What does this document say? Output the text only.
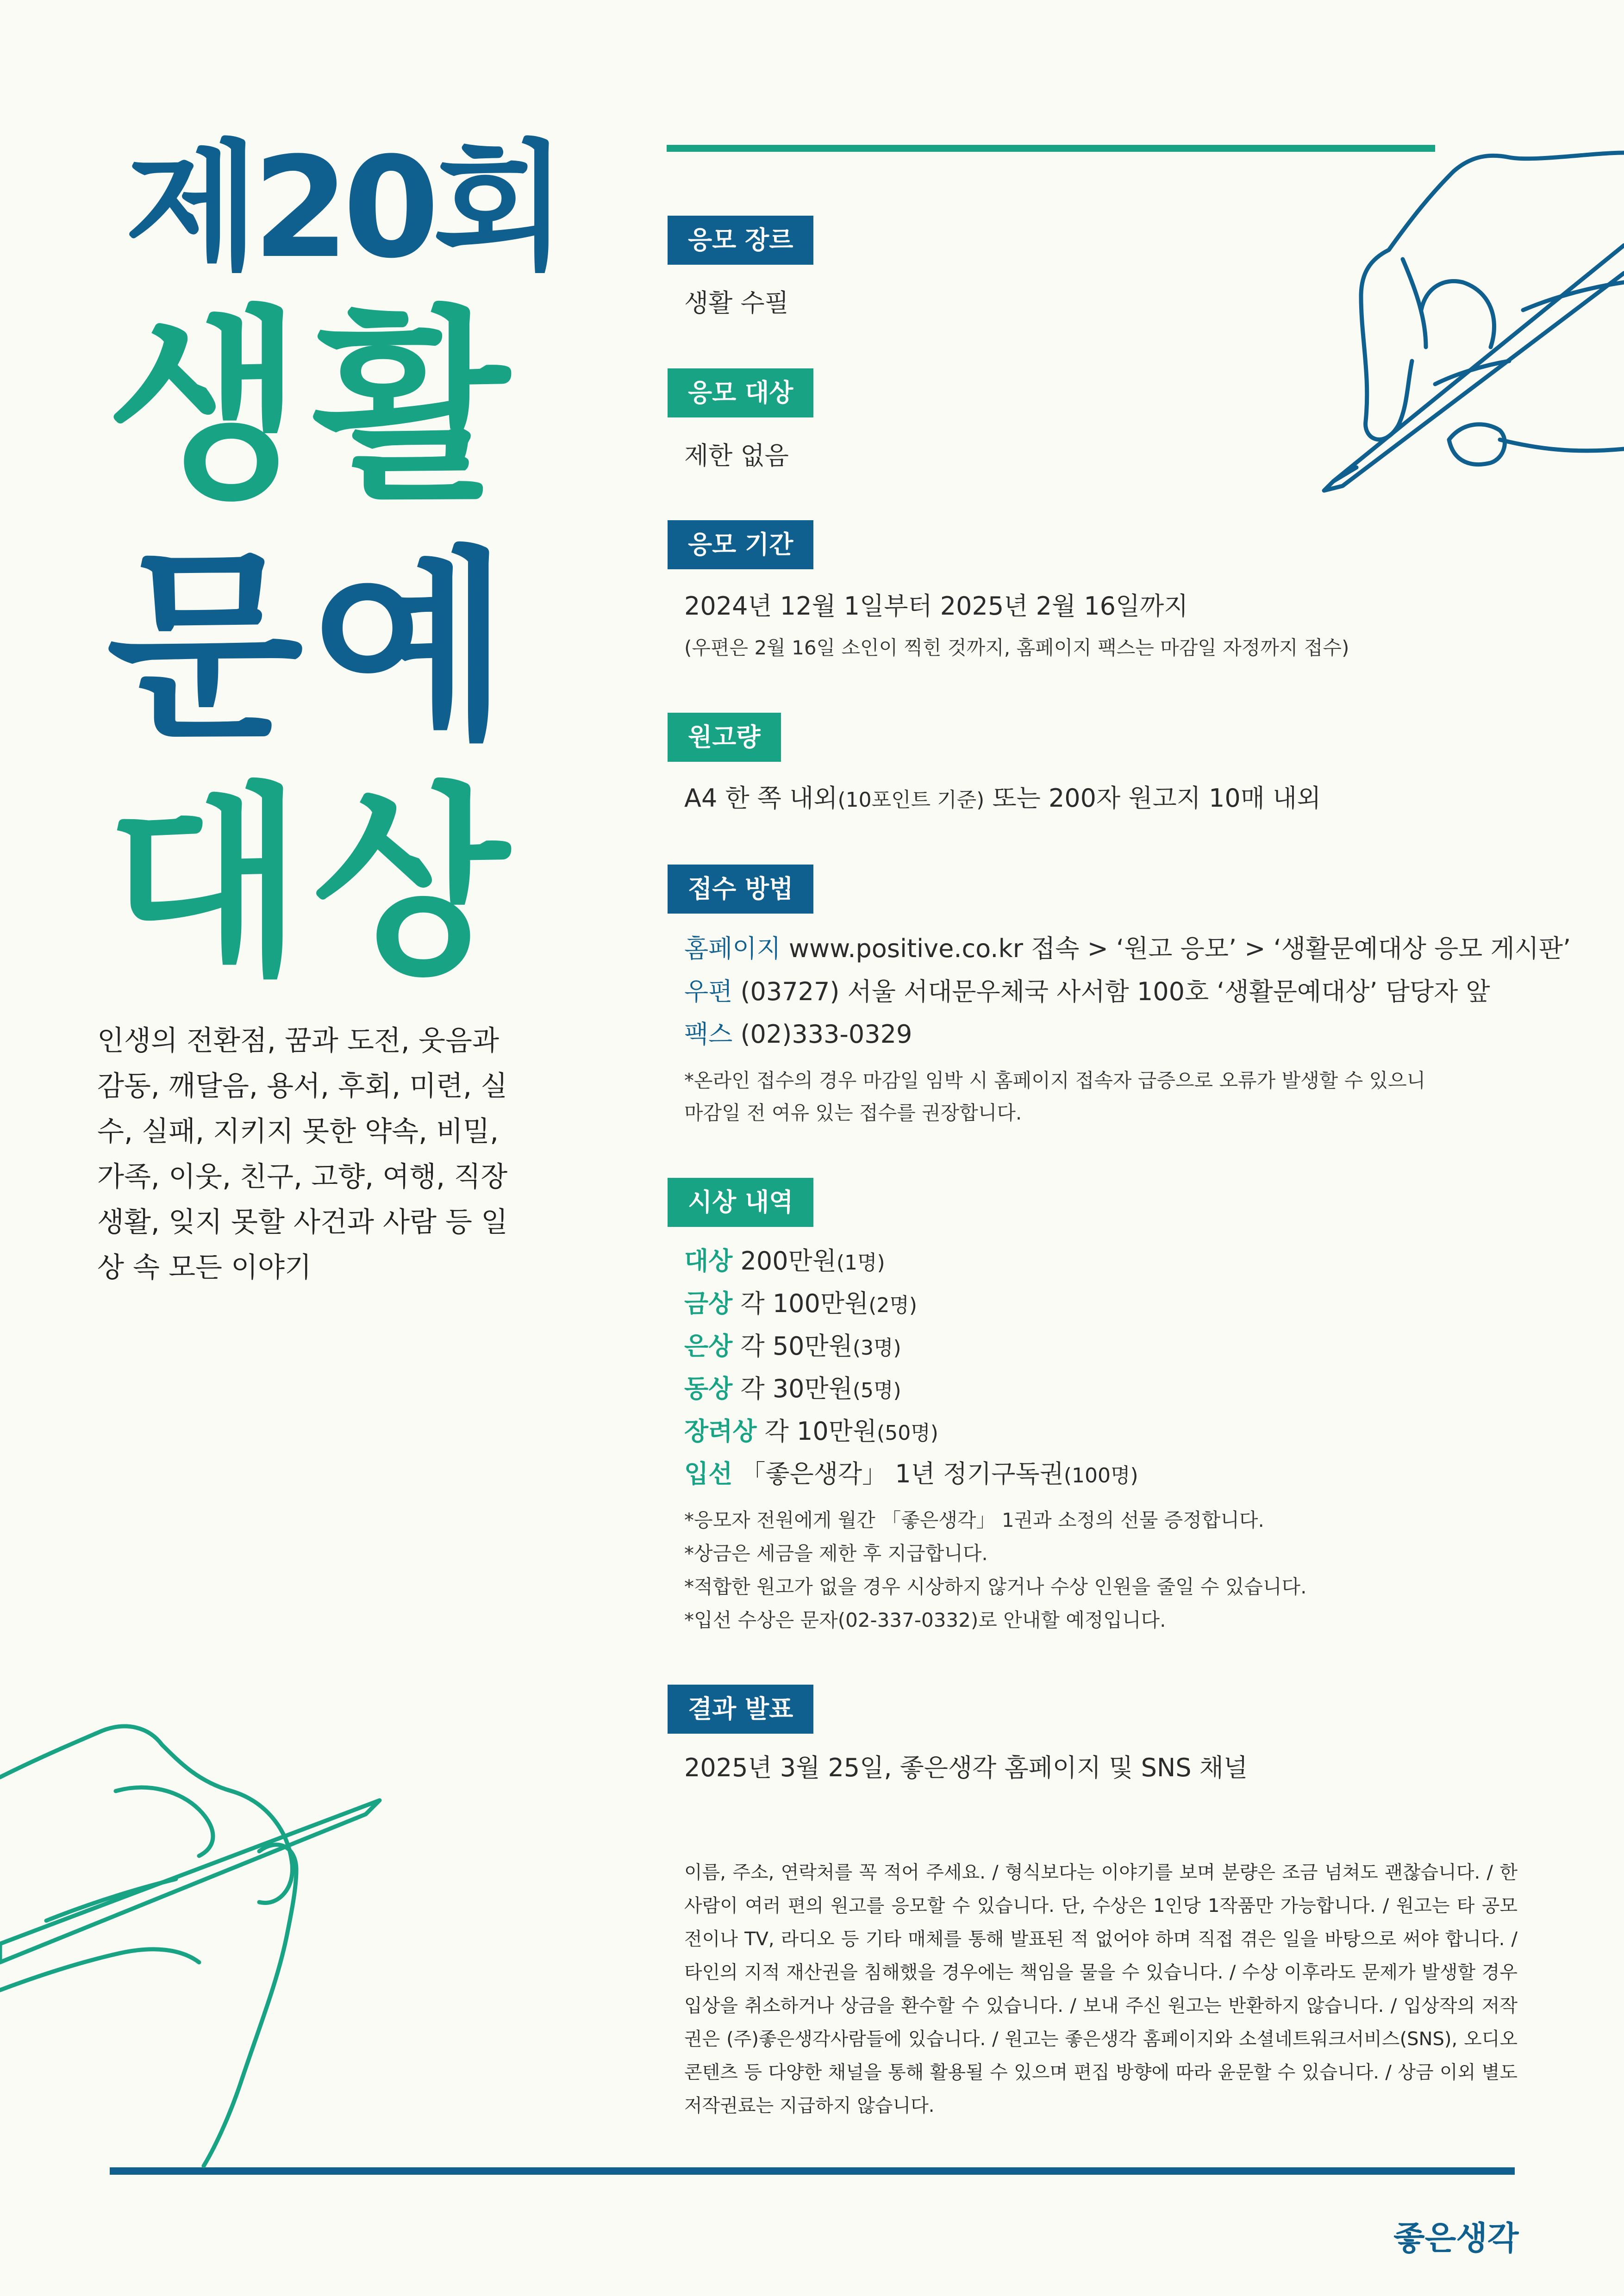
제20회
생활
문예
대상
인생의 전환점, 꿈과 도전, 웃음과 감동, 깨달음, 용서, 후회, 미련, 실수, 실패, 지키지 못한 약속, 비밀, 가족, 이웃, 친구, 고향, 여행, 직장 생활, 잊지 못할 사건과 사람 등 일상 속 모든 이야기
응모 장르
생활 수필
응모 대상
제한 없음
응모 기간
2024년 12월 1일부터 2025년 2월 16일까지
(우편은 2월 16일 소인이 찍힌 것까지, 홈페이지 팩스는 마감일 자정까지 접수)
원고량
A4 한 쪽 내외(10포인트 기준) 또는 200자 원고지 10매 내외
접수 방법
홈페이지 www.positive.co.kr 접속 > ‘원고 응모’ > ‘생활문예대상 응모 게시판’
우편 (03727) 서울 서대문우체국 사서함 100호 ‘생활문예대상’ 담당자 앞
팩스 (02)333-0329
*온라인 접수의 경우 마감일 임박 시 홈페이지 접속자 급증으로 오류가 발생할 수 있으니
마감일 전 여유 있는 접수를 권장합니다.
시상 내역
대상 200만원(1명)
금상 각 100만원(2명)
은상 각 50만원(3명)
동상 각 30만원(5명)
장려상 각 10만원(50명)
입선 「좋은생각」 1년 정기구독권(100명)
*응모자 전원에게 월간 「좋은생각」 1권과 소정의 선물 증정합니다.
*상금은 세금을 제한 후 지급합니다.
*적합한 원고가 없을 경우 시상하지 않거나 수상 인원을 줄일 수 있습니다.
*입선 수상은 문자(02-337-0332)로 안내할 예정입니다.
결과 발표
2025년 3월 25일, 좋은생각 홈페이지 및 SNS 채널
이름, 주소, 연락처를 꼭 적어 주세요. / 형식보다는 이야기를 보며 분량은 조금 넘쳐도 괜찮습니다. / 한 사람이 여러 편의 원고를 응모할 수 있습니다. 단, 수상은 1인당 1작품만 가능합니다. / 원고는 타 공모전이나 TV, 라디오 등 기타 매체를 통해 발표된 적 없어야 하며 직접 겪은 일을 바탕으로 써야 합니다. / 타인의 지적 재산권을 침해했을 경우에는 책임을 물을 수 있습니다. / 수상 이후라도 문제가 발생할 경우 입상을 취소하거나 상금을 환수할 수 있습니다. / 보내 주신 원고는 반환하지 않습니다. / 입상작의 저작권은 (주)좋은생각사람들에 있습니다. / 원고는 좋은생각 홈페이지와 소셜네트워크서비스(SNS), 오디오 콘텐츠 등 다양한 채널을 통해 활용될 수 있으며 편집 방향에 따라 윤문할 수 있습니다. / 상금 이외 별도 저작권료는 지급하지 않습니다.
좋은생각
